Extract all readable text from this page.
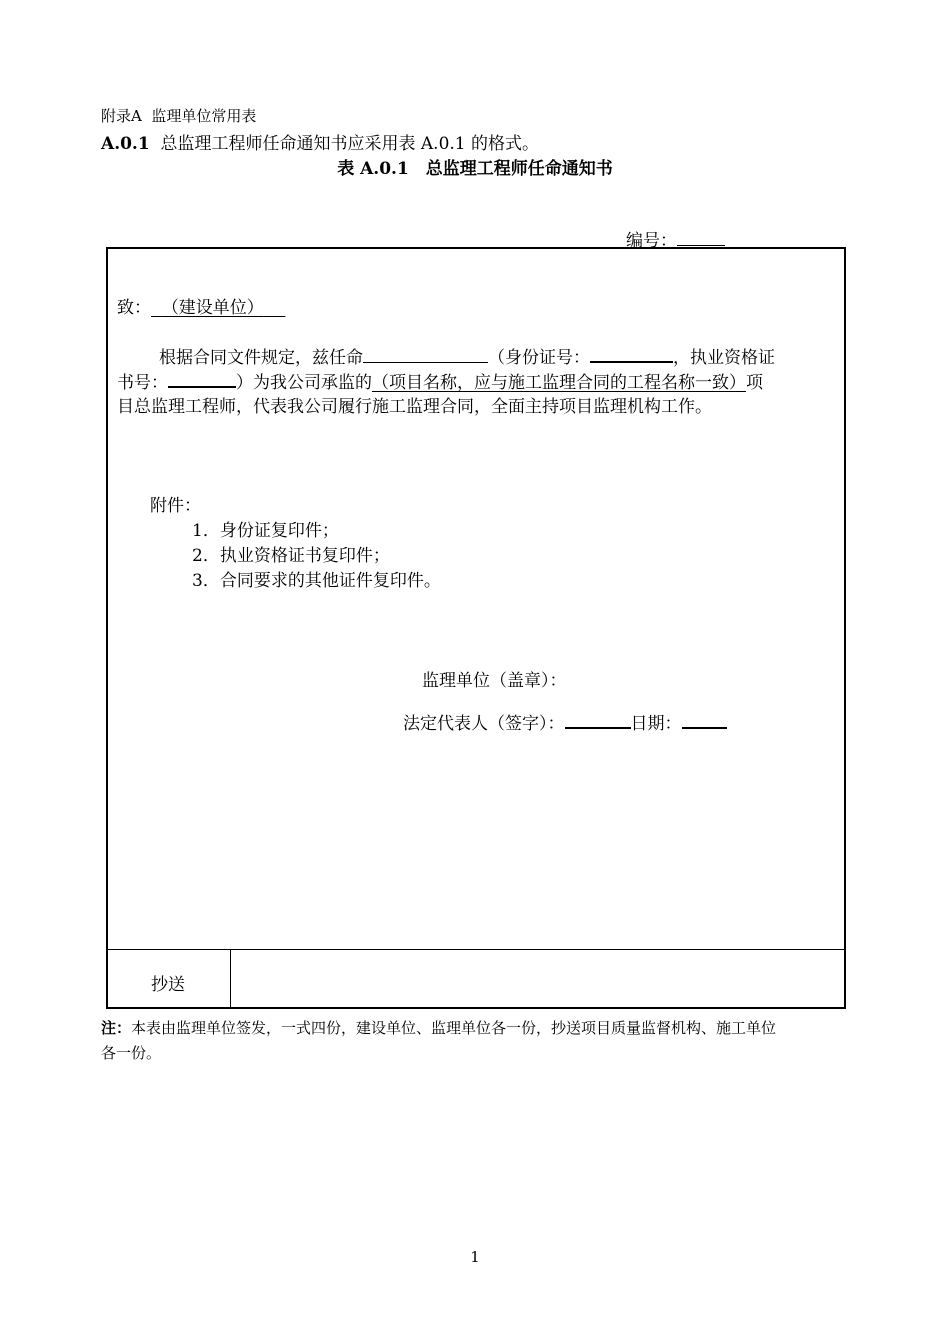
附录A 监理单位常用表
A.0.1 总监理工程师任命通知书应采用表 A.0.1 的格式。
表 A.0.1　总监理工程师任命通知书
编号：
致： （建设单位）
根据合同文件规定，兹任命	（身份证号：	，执业资格证
书号：	）为我公司承监的（项目名称，应与施工监理合同的工程名称一致）项
目总监理工程师，代表我公司履行施工监理合同，全面主持项目监理机构工作。
附件：
1．身份证复印件；
2．执业资格证书复印件；
3．合同要求的其他证件复印件。
监理单位（盖章）：
法定代表人（签字）：	日期：
抄送
注：本表由监理单位签发，一式四份，建设单位、监理单位各一份，抄送项目质量监督机构、施工单位
各一份。
1
